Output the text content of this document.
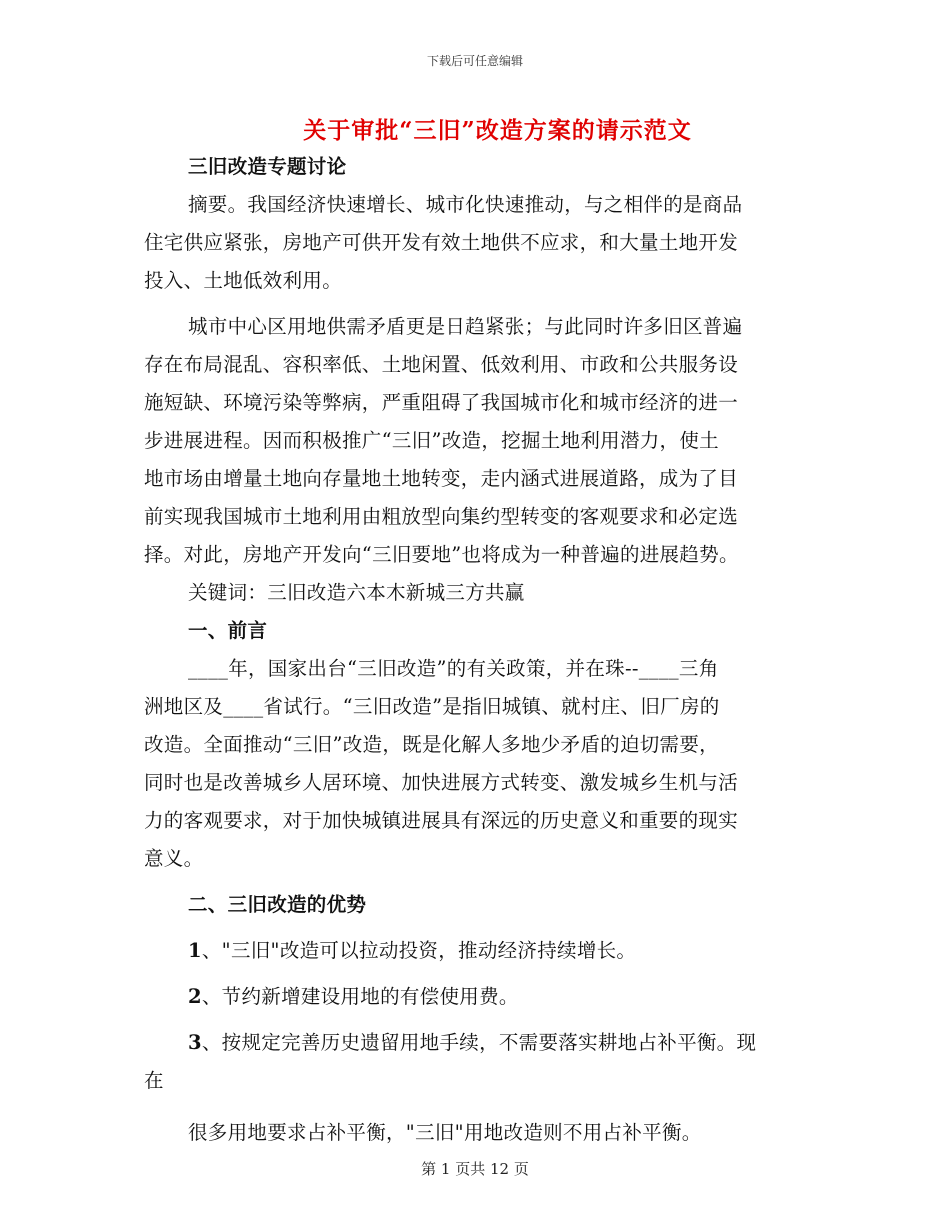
下载后可任意编辑
关于审批“三旧”改造方案的请示范文
三旧改造专题讨论
摘要。我国经济快速增长、城市化快速推动，与之相伴的是商品
住宅供应紧张，房地产可供开发有效土地供不应求，和大量土地开发
投入、土地低效利用。
城市中心区用地供需矛盾更是日趋紧张；与此同时许多旧区普遍
存在布局混乱、容积率低、土地闲置、低效利用、市政和公共服务设
施短缺、环境污染等弊病，严重阻碍了我国城市化和城市经济的进一
步进展进程。因而积极推广“三旧”改造，挖掘土地利用潜力，使土
地市场由增量土地向存量地土地转变，走内涵式进展道路，成为了目
前实现我国城市土地利用由粗放型向集约型转变的客观要求和必定选
择。对此，房地产开发向“三旧要地”也将成为一种普遍的进展趋势。
关键词：三旧改造六本木新城三方共赢
一、前言
____年，国家出台“三旧改造”的有关政策，并在珠--____三角
洲地区及____省试行。“三旧改造”是指旧城镇、就村庄、旧厂房的
改造。全面推动“三旧”改造，既是化解人多地少矛盾的迫切需要，
同时也是改善城乡人居环境、加快进展方式转变、激发城乡生机与活
力的客观要求，对于加快城镇进展具有深远的历史意义和重要的现实
意义。
二、三旧改造的优势
1、"三旧"改造可以拉动投资，推动经济持续增长。
2、节约新增建设用地的有偿使用费。
3、按规定完善历史遗留用地手续，不需要落实耕地占补平衡。现
在
很多用地要求占补平衡，"三旧"用地改造则不用占补平衡。
第 1 页共 12 页
